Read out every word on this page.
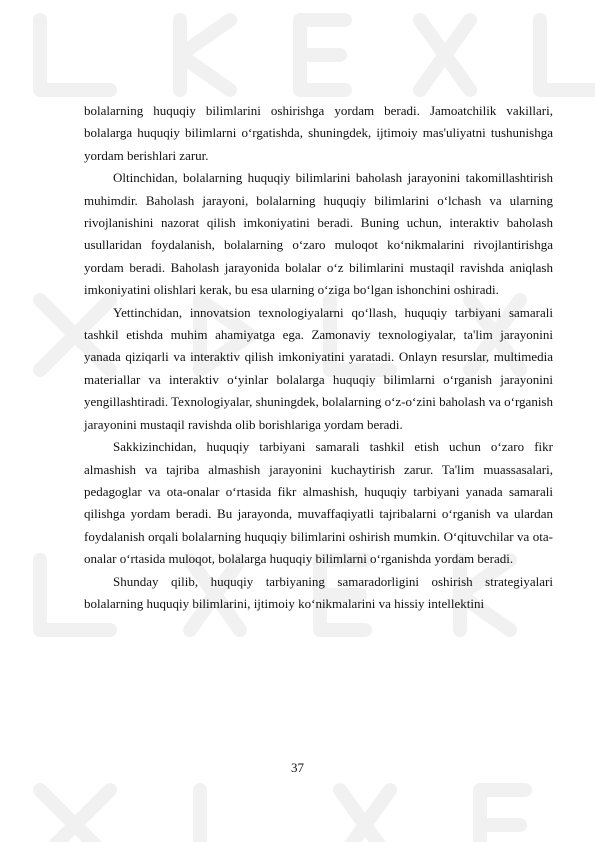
bolalarning huquqiy bilimlarini oshirishga yordam beradi. Jamoatchilik vakillari, bolalarga huquqiy bilimlarni o‘rgatishda, shuningdek, ijtimoiy mas'uliyatni tushunishga yordam berishlari zarur.

Oltinchidan, bolalarning huquqiy bilimlarini baholash jarayonini takomillashtirish muhimdir. Baholash jarayoni, bolalarning huquqiy bilimlarini o‘lchash va ularning rivojlanishini nazorat qilish imkoniyatini beradi. Buning uchun, interaktiv baholash usullaridan foydalanish, bolalarning o‘zaro muloqot ko‘nikmalarini rivojlantirishga yordam beradi. Baholash jarayonida bolalar o‘z bilimlarini mustaqil ravishda aniqlash imkoniyatini olishlari kerak, bu esa ularning o‘ziga bo‘lgan ishonchini oshiradi.

Yettinchidan, innovatsion texnologiyalarni qo‘llash, huquqiy tarbiyani samarali tashkil etishda muhim ahamiyatga ega. Zamonaviy texnologiyalar, ta'lim jarayonini yanada qiziqarli va interaktiv qilish imkoniyatini yaratadi. Onlayn resurslar, multimedia materiallar va interaktiv o‘yinlar bolalarga huquqiy bilimlarni o‘rganish jarayonini yengillashtiradi. Texnologiyalar, shuningdek, bolalarning o‘z-o‘zini baholash va o‘rganish jarayonini mustaqil ravishda olib borishlariga yordam beradi.

Sakkizinchidan, huquqiy tarbiyani samarali tashkil etish uchun o‘zaro fikr almashish va tajriba almashish jarayonini kuchaytirish zarur. Ta'lim muassasalari, pedagoglar va ota-onalar o‘rtasida fikr almashish, huquqiy tarbiyani yanada samarali qilishga yordam beradi. Bu jarayonda, muvaffaqiyatli tajribalarni o‘rganish va ulardan foydalanish orqali bolalarning huquqiy bilimlarini oshirish mumkin. O‘qituvchilar va ota-onalar o‘rtasida muloqot, bolalarga huquqiy bilimlarni o‘rganishda yordam beradi.

Shunday qilib, huquqiy tarbiyaning samaradorligini oshirish strategiyalari bolalarning huquqiy bilimlarini, ijtimoiy ko‘nikmalarini va hissiy intellektini

37
